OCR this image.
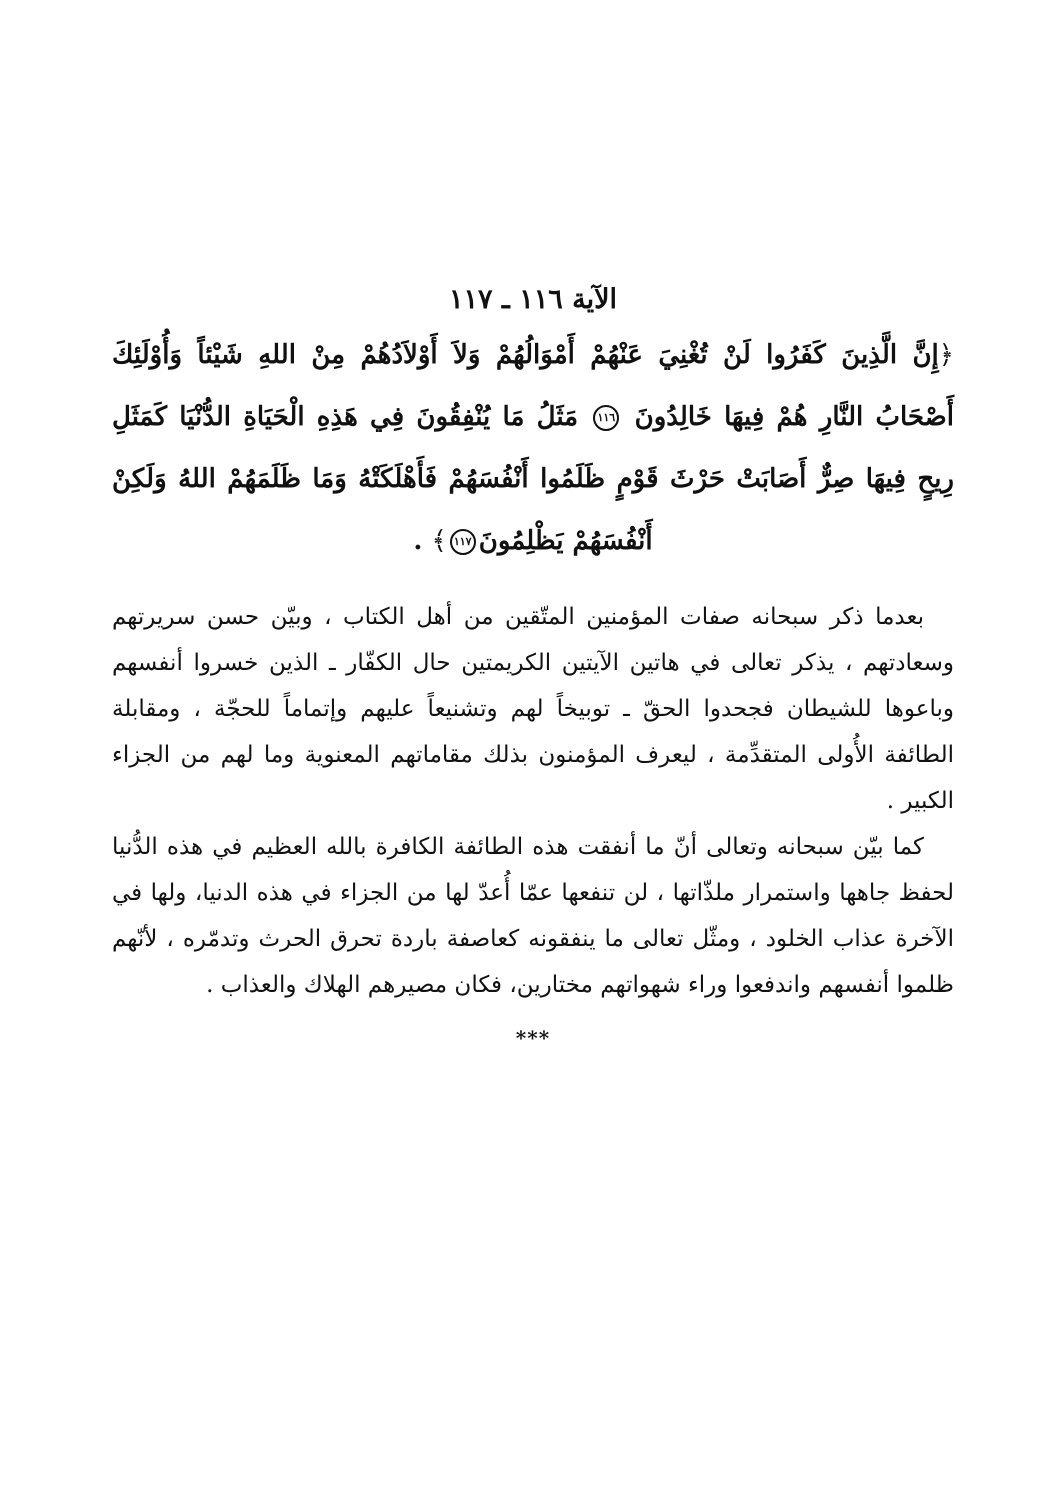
الآية ١١٦ ـ ١١٧

﴿إِنَّ الَّذِينَ كَفَرُوا لَنْ تُغْنِيَ عَنْهُمْ أَمْوَالُهُمْ وَلاَ أَوْلاَدُهُمْ مِنْ اللهِ شَيْئاً وَأُوْلَئِكَ أَصْحَابُ النَّارِ هُمْ فِيهَا خَالِدُونَ ١١٦ مَثَلُ مَا يُنْفِقُونَ فِي هَذِهِ الْحَيَاةِ الدُّنْيَا كَمَثَلِ رِيحٍ فِيهَا صِرٌّ أَصَابَتْ حَرْثَ قَوْمٍ ظَلَمُوا أَنْفُسَهُمْ فَأَهْلَكَتْهُ وَمَا ظَلَمَهُمْ اللهُ وَلَكِنْ أَنْفُسَهُمْ يَظْلِمُونَ١١٧﴾ .

بعدما ذكر سبحانه صفات المؤمنين المتّقين من أهل الكتاب ، وبيّن حسن سريرتهم وسعادتهم ، يذكر تعالى في هاتين الآيتين الكريمتين حال الكفّار ـ الذين خسروا أنفسهم وباعوها للشيطان فجحدوا الحقّ ـ توبيخاً لهم وتشنيعاً عليهم وإتماماً للحجّة ، ومقابلة الطائفة الأُولى المتقدِّمة ، ليعرف المؤمنون بذلك مقاماتهم المعنوية وما لهم من الجزاء الكبير .

كما بيّن سبحانه وتعالى أنّ ما أنفقت هذه الطائفة الكافرة بالله العظيم في هذه الدُّنيا لحفظ جاهها واستمرار ملذّاتها ، لن تنفعها عمّا أُعدّ لها من الجزاء في هذه الدنيا، ولها في الآخرة عذاب الخلود ، ومثّل تعالى ما ينفقونه كعاصفة باردة تحرق الحرث وتدمّره ، لأنّهم ظلموا أنفسهم واندفعوا وراء شهواتهم مختارين، فكان مصيرهم الهلاك والعذاب .

***
